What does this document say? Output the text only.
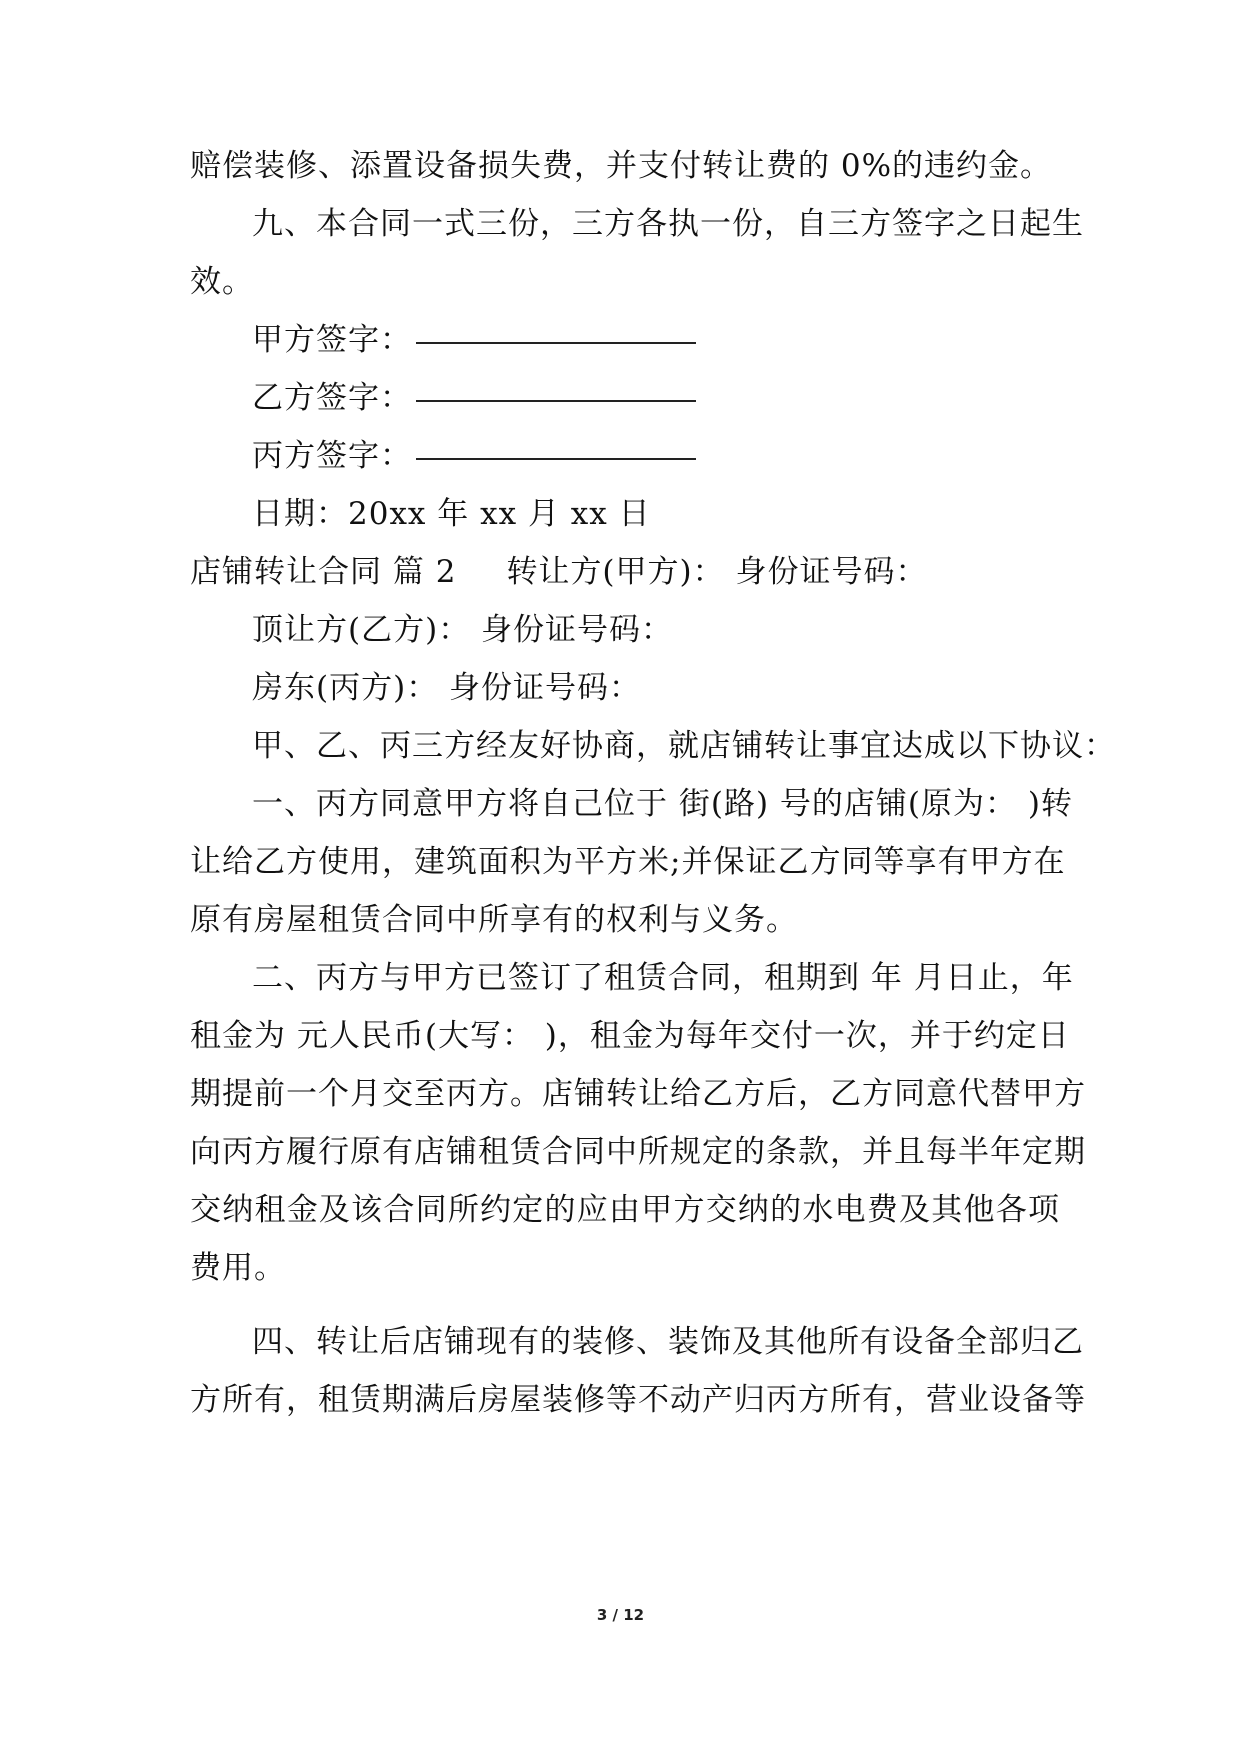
赔偿装修、添置设备损失费，并支付转让费的 0%的违约金。
九、本合同一式三份，三方各执一份，自三方签字之日起生
效。
甲方签字：
乙方签字：
丙方签字：
日期：20xx 年 xx 月 xx 日
店铺转让合同 篇 2 转让方(甲方)： 身份证号码：
顶让方(乙方)： 身份证号码：
房东(丙方)： 身份证号码：
甲、乙、丙三方经友好协商，就店铺转让事宜达成以下协议：
一、丙方同意甲方将自己位于 街(路) 号的店铺(原为： )转
让给乙方使用，建筑面积为平方米;并保证乙方同等享有甲方在
原有房屋租赁合同中所享有的权利与义务。
二、丙方与甲方已签订了租赁合同，租期到 年 月日止，年
租金为 元人民币(大写： )，租金为每年交付一次，并于约定日
期提前一个月交至丙方。店铺转让给乙方后，乙方同意代替甲方
向丙方履行原有店铺租赁合同中所规定的条款，并且每半年定期
交纳租金及该合同所约定的应由甲方交纳的水电费及其他各项
费用。
四、转让后店铺现有的装修、装饰及其他所有设备全部归乙
方所有，租赁期满后房屋装修等不动产归丙方所有，营业设备等
3 / 12
